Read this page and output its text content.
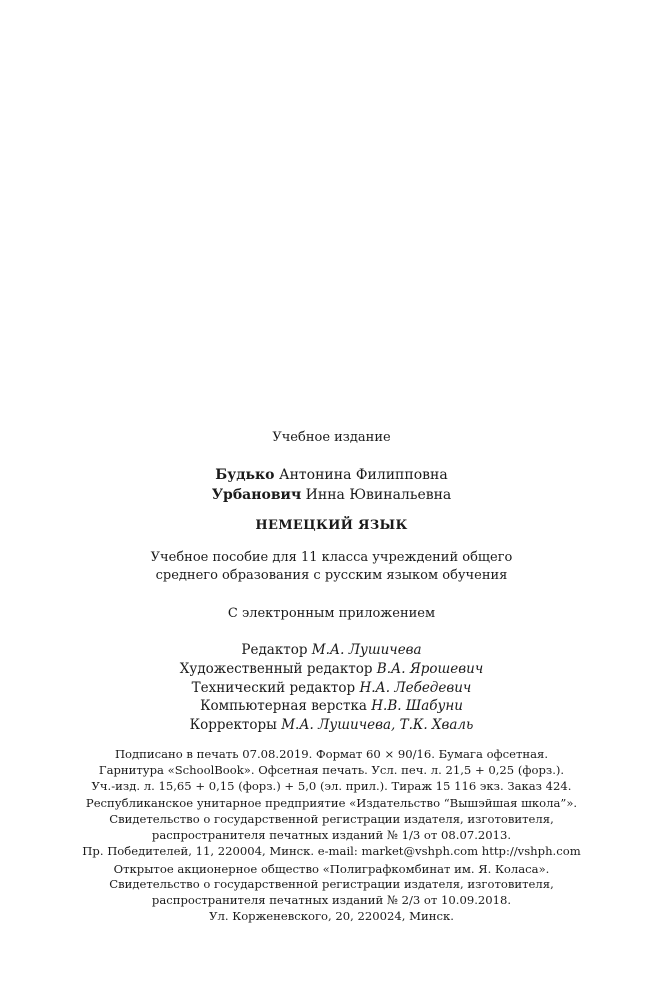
Учебное издание
Будько Антонина Филипповна
Урбанович Инна Ювинальевна
НЕМЕЦКИЙ ЯЗЫК
Учебное пособие для 11 класса учреждений общего
среднего образования с русским языком обучения
С электронным приложением
Редактор М.А. Лушичева
Художественный редактор В.А. Ярошевич
Технический редактор Н.А. Лебедевич
Компьютерная верстка Н.В. Шабуни
Корректоры М.А. Лушичева, Т.К. Хваль
Подписано в печать 07.08.2019. Формат 60 × 90/16. Бумага офсетная.
Гарнитура «SchoolBook». Офсетная печать. Усл. печ. л. 21,5 + 0,25 (форз.).
Уч.-изд. л. 15,65 + 0,15 (форз.) + 5,0 (эл. прил.). Тираж 15 116 экз. Заказ 424.
Республиканское унитарное предприятие «Издательство “Вышэйшая школа”».
Свидетельство о государственной регистрации издателя, изготовителя,
распространителя печатных изданий № 1/3 от 08.07.2013.
Пр. Победителей, 11, 220004, Минск. e-mail: market@vshph.com http://vshph.com
Открытое акционерное общество «Полиграфкомбинат им. Я. Коласа».
Свидетельство о государственной регистрации издателя, изготовителя,
распространителя печатных изданий № 2/3 от 10.09.2018.
Ул. Корженевского, 20, 220024, Минск.
